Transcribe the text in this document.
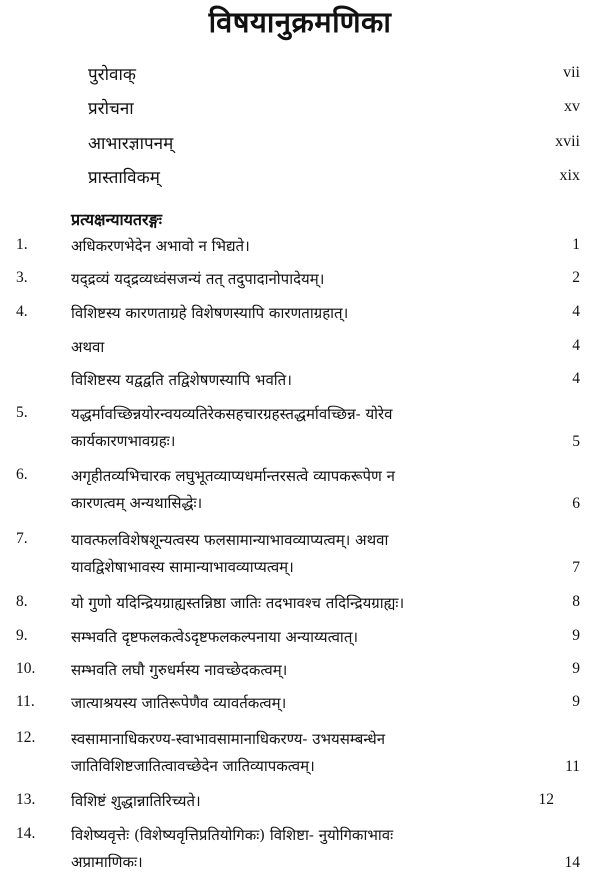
विषयानुक्रमणिका
पुरोवाक्	vii
प्ररोचना	xv
आभारज्ञापनम्	xvii
प्रास्ताविकम्	xix
प्रत्यक्षन्यायतरङ्गः
1.	अधिकरणभेदेन अभावो न भिद्यते।	1
3.	यद्द्रव्यं यद्द्रव्यध्वंसजन्यं तत् तदुपादानोपादेयम्।	2
4.	विशिष्टस्य कारणताग्रहे विशेषणस्यापि कारणताग्रहात्।	4
अथवा	4
विशिष्टस्य यद्वद्वति तद्विशेषणस्यापि भवति।	4
5.	यद्धर्मावच्छिन्नयोरन्वयव्यतिरेकसहचारग्रहस्तद्धर्मावच्छिन्न- योरेव
कार्यकारणभावग्रहः।	5
6.	अगृहीतव्यभिचारक लघुभूतव्याप्यधर्मान्तरसत्वे व्यापकरूपेण न
कारणत्वम् अन्यथासिद्धेः।	6
7.	यावत्फलविशेषशून्यत्वस्य फलसामान्याभावव्याप्यत्वम्। अथवा
यावद्विशेषाभावस्य सामान्याभावव्याप्यत्वम्।	7
8.	यो गुणो यदिन्द्रियग्राह्यस्तन्निष्ठा जातिः तदभावश्च तदिन्द्रियग्राह्यः।	8
9.	सम्भवति दृष्टफलकत्वेऽदृष्टफलकल्पनाया अन्याय्यत्वात्।	9
10. सम्भवति लघौ गुरुधर्मस्य नावच्छेदकत्वम्।	9
11. जात्याश्रयस्य जातिरूपेणैव व्यावर्तकत्वम्।	9
12. स्वसामानाधिकरण्य-स्वाभावसामानाधिकरण्य- उभयसम्बन्धेन
जातिविशिष्टजातित्वावच्छेदेन जातिव्यापकत्वम्।	11
13. विशिष्टं शुद्धान्नातिरिच्यते।	12
14. विशेष्यवृत्तेः (विशेष्यवृत्तिप्रतियोगिकः) विशिष्टा- नुयोगिकाभावः
अप्रामाणिकः।	14
